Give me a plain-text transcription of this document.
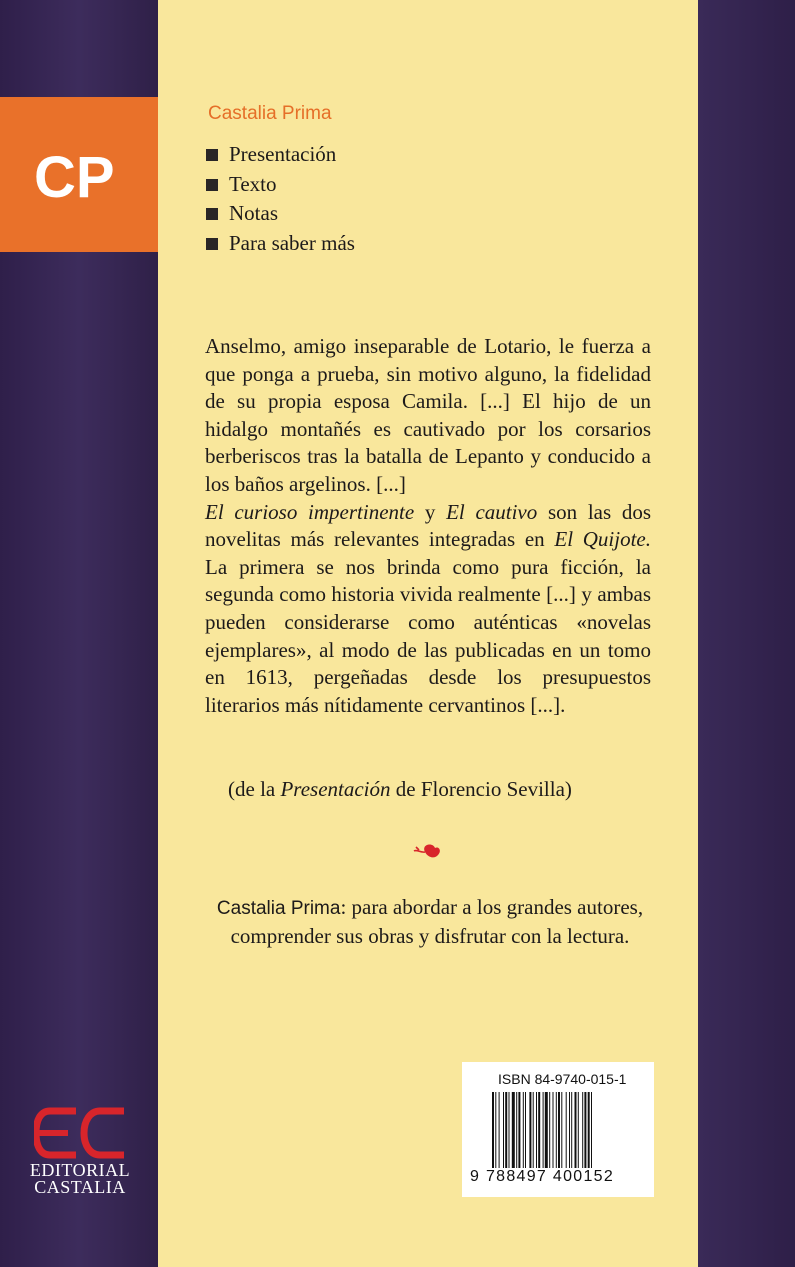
CP
Castalia Prima
Presentación
Texto
Notas
Para saber más

Anselmo, amigo inseparable de Lotario, le fuerza a que ponga a prueba, sin motivo alguno, la fidelidad de su propia esposa Camila. [...] El hijo de un hidalgo montañés es cautivado por los corsarios berberiscos tras la batalla de Lepanto y conducido a los baños argelinos. [...]

El curioso impertinente y El cautivo son las dos novelitas más relevantes integradas en El Quijote. La primera se nos brinda como pura ficción, la segunda como historia vivida realmente [...] y ambas pueden considerarse como auténticas «novelas ejemplares», al modo de las publicadas en un tomo en 1613, pergeñadas desde los presupuestos literarios más nítidamente cervantinos [...].

(de la Presentación de Florencio Sevilla)
Castalia Prima: para abordar a los grandes autores, comprender sus obras y disfrutar con la lectura.
ISBN 84-9740-015-1
9 788497 400152
EDITORIAL
CASTALIA
